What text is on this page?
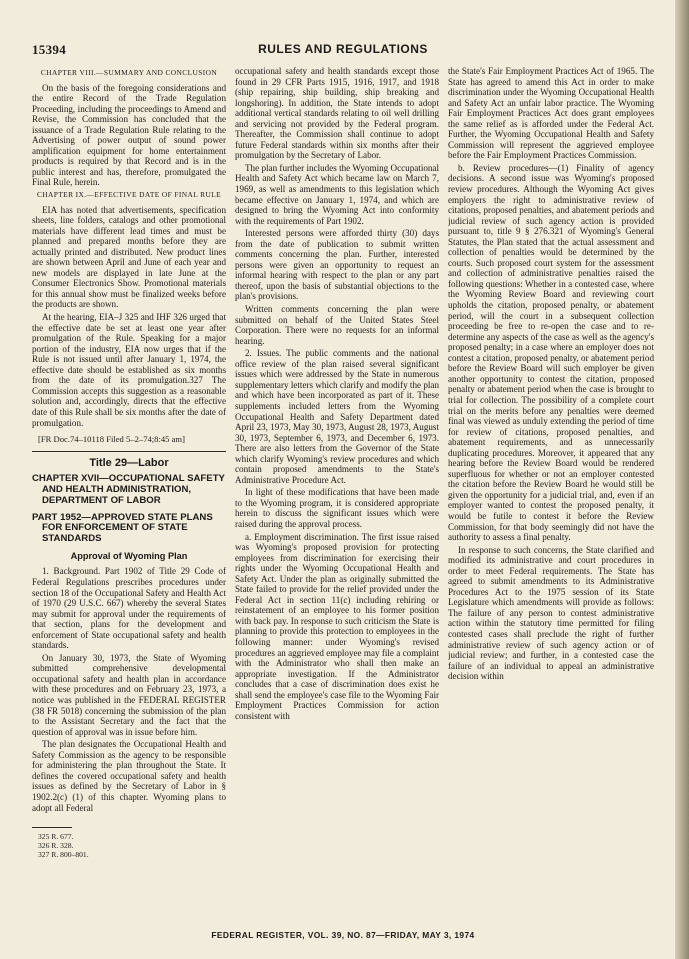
15394	RULES AND REGULATIONS
CHAPTER VIII.—SUMMARY AND CONCLUSION

On the basis of the foregoing considerations and the entire Record of the Trade Regulation Proceeding, including the proceedings to Amend and Revise, the Commission has concluded that the issuance of a Trade Regulation Rule relating to the Advertising of power output of sound power amplification equipment for home entertainment products is required by that Record and is in the public interest and has, therefore, promulgated the Final Rule, herein.

CHAPTER IX.—EFFECTIVE DATE OF FINAL RULE

EIA has noted that advertisements, specification sheets, line folders, catalogs and other promotional materials have different lead times and must be planned and prepared months before they are actually printed and distributed. New product lines are shown between April and June of each year and new models are displayed in late June at the Consumer Electronics Show. Promotional materials for this annual show must be finalized weeks before the products are shown.

At the hearing, EIA–J 325 and IHF 326 urged that the effective date be set at least one year after promulgation of the Rule. Speaking for a major portion of the industry, EIA now urges that if the Rule is not issued until after January 1, 1974, the effective date should be established as six months from the date of its promulgation.327 The Commission accepts this suggestion as a reasonable solution and, accordingly, directs that the effective date of this Rule shall be six months after the date of promulgation.

[FR Doc.74–10118 Filed 5–2–74;8:45 am]
Title 29—Labor
CHAPTER XVII—OCCUPATIONAL SAFETY AND HEALTH ADMINISTRATION, DEPARTMENT OF LABOR
PART 1952—APPROVED STATE PLANS FOR ENFORCEMENT OF STATE STANDARDS
Approval of Wyoming Plan

1. Background. Part 1902 of Title 29 Code of Federal Regulations prescribes procedures under section 18 of the Occupational Safety and Health Act of 1970 (29 U.S.C. 667) whereby the several States may submit for approval under the requirements of that section, plans for the development and enforcement of State occupational safety and health standards.

On January 30, 1973, the State of Wyoming submitted comprehensive developmental occupational safety and health plan in accordance with these procedures and on February 23, 1973, a notice was published in the FEDERAL REGISTER (38 FR 5018) concerning the submission of the plan to the Assistant Secretary and the fact that the question of approval was in issue before him.

The plan designates the Occupational Health and Safety Commission as the agency to be responsible for administering the plan throughout the State. It defines the covered occupational safety and health issues as defined by the Secretary of Labor in § 1902.2(c) (1) of this chapter. Wyoming plans to adopt all Federal

325 R. 677.
326 R. 328.
327 R. 800–801.

occupational safety and health standards except those found in 29 CFR Parts 1915, 1916, 1917, and 1918 (ship repairing, ship building, ship breaking and longshoring). In addition, the State intends to adopt additional vertical standards relating to oil well drilling and servicing not provided by the Federal program. Thereafter, the Commission shall continue to adopt future Federal standards within six months after their promulgation by the Secretary of Labor.

The plan further includes the Wyoming Occupational Health and Safety Act which became law on March 7, 1969, as well as amendments to this legislation which became effective on January 1, 1974, and which are designed to bring the Wyoming Act into conformity with the requirements of Part 1902.

Interested persons were afforded thirty (30) days from the date of publication to submit written comments concerning the plan. Further, interested persons were given an opportunity to request an informal hearing with respect to the plan or any part thereof, upon the basis of substantial objections to the plan's provisions.

Written comments concerning the plan were submitted on behalf of the United States Steel Corporation. There were no requests for an informal hearing.

2. Issues. The public comments and the national office review of the plan raised several significant issues which were addressed by the State in numerous supplementary letters which clarify and modify the plan and which have been incorporated as part of it. These supplements included letters from the Wyoming Occupational Health and Safety Department dated April 23, 1973, May 30, 1973, August 28, 1973, August 30, 1973, September 6, 1973, and December 6, 1973. There are also letters from the Governor of the State which clarify Wyoming's review procedures and which contain proposed amendments to the State's Administrative Procedure Act.

In light of these modifications that have been made to the Wyoming program, it is considered appropriate herein to discuss the significant issues which were raised during the approval process.

a. Employment discrimination. The first issue raised was Wyoming's proposed provision for protecting employees from discrimination for exercising their rights under the Wyoming Occupational Health and Safety Act. Under the plan as originally submitted the State failed to provide for the relief provided under the Federal Act in section 11(c) including rehiring or reinstatement of an employee to his former position with back pay. In response to such criticism the State is planning to provide this protection to employees in the following manner: under Wyoming's revised procedures an aggrieved employee may file a complaint with the Administrator who shall then make an appropriate investigation. If the Administrator concludes that a case of discrimination does exist he shall send the employee's case file to the Wyoming Fair Employment Practices Commission for action consistent with

the State's Fair Employment Practices Act of 1965. The State has agreed to amend this Act in order to make discrimination under the Wyoming Occupational Health and Safety Act an unfair labor practice. The Wyoming Fair Employment Practices Act does grant employees the same relief as is afforded under the Federal Act. Further, the Wyoming Occupational Health and Safety Commission will represent the aggrieved employee before the Fair Employment Practices Commission.

b. Review procedures—(1) Finality of agency decisions. A second issue was Wyoming's proposed review procedures. Although the Wyoming Act gives employers the right to administrative review of citations, proposed penalties, and abatement periods and judicial review of such agency action is provided pursuant to, title 9 § 276.321 of Wyoming's General Statutes, the Plan stated that the actual assessment and collection of penalties would be determined by the courts. Such proposed court system for the assessment and collection of administrative penalties raised the following questions: Whether in a contested case, where the Wyoming Review Board and reviewing court upholds the citation, proposed penalty, or abatement period, will the court in a subsequent collection proceeding be free to re-open the case and to re-determine any aspects of the case as well as the agency's proposed penalty; in a case where an employer does not contest a citation, proposed penalty, or abatement period before the Review Board will such employer be given another opportunity to contest the citation, proposed penalty or abatement period when the case is brought to trial for collection. The possibility of a complete court trial on the merits before any penalties were deemed final was viewed as unduly extending the period of time for review of citations, proposed penalties, and abatement requirements, and as unnecessarily duplicating procedures. Moreover, it appeared that any hearing before the Review Board would be rendered superfluous for whether or not an employer contested the citation before the Review Board he would still be given the opportunity for a judicial trial, and, even if an employer wanted to contest the proposed penalty, it would be futile to contest it before the Review Commission, for that body seemingly did not have the authority to assess a final penalty.

In response to such concerns, the State clarified and modified its administrative and court procedures in order to meet Federal requirements. The State has agreed to submit amendments to its Administrative Procedures Act to the 1975 session of its State Legislature which amendments will provide as follows: The failure of any person to contest administrative action within the statutory time permitted for filing contested cases shall preclude the right of further administrative review of such agency action or of judicial review; and further, in a contested case the failure of an individual to appeal an administrative decision within

FEDERAL REGISTER, VOL. 39, NO. 87—FRIDAY, MAY 3, 1974
